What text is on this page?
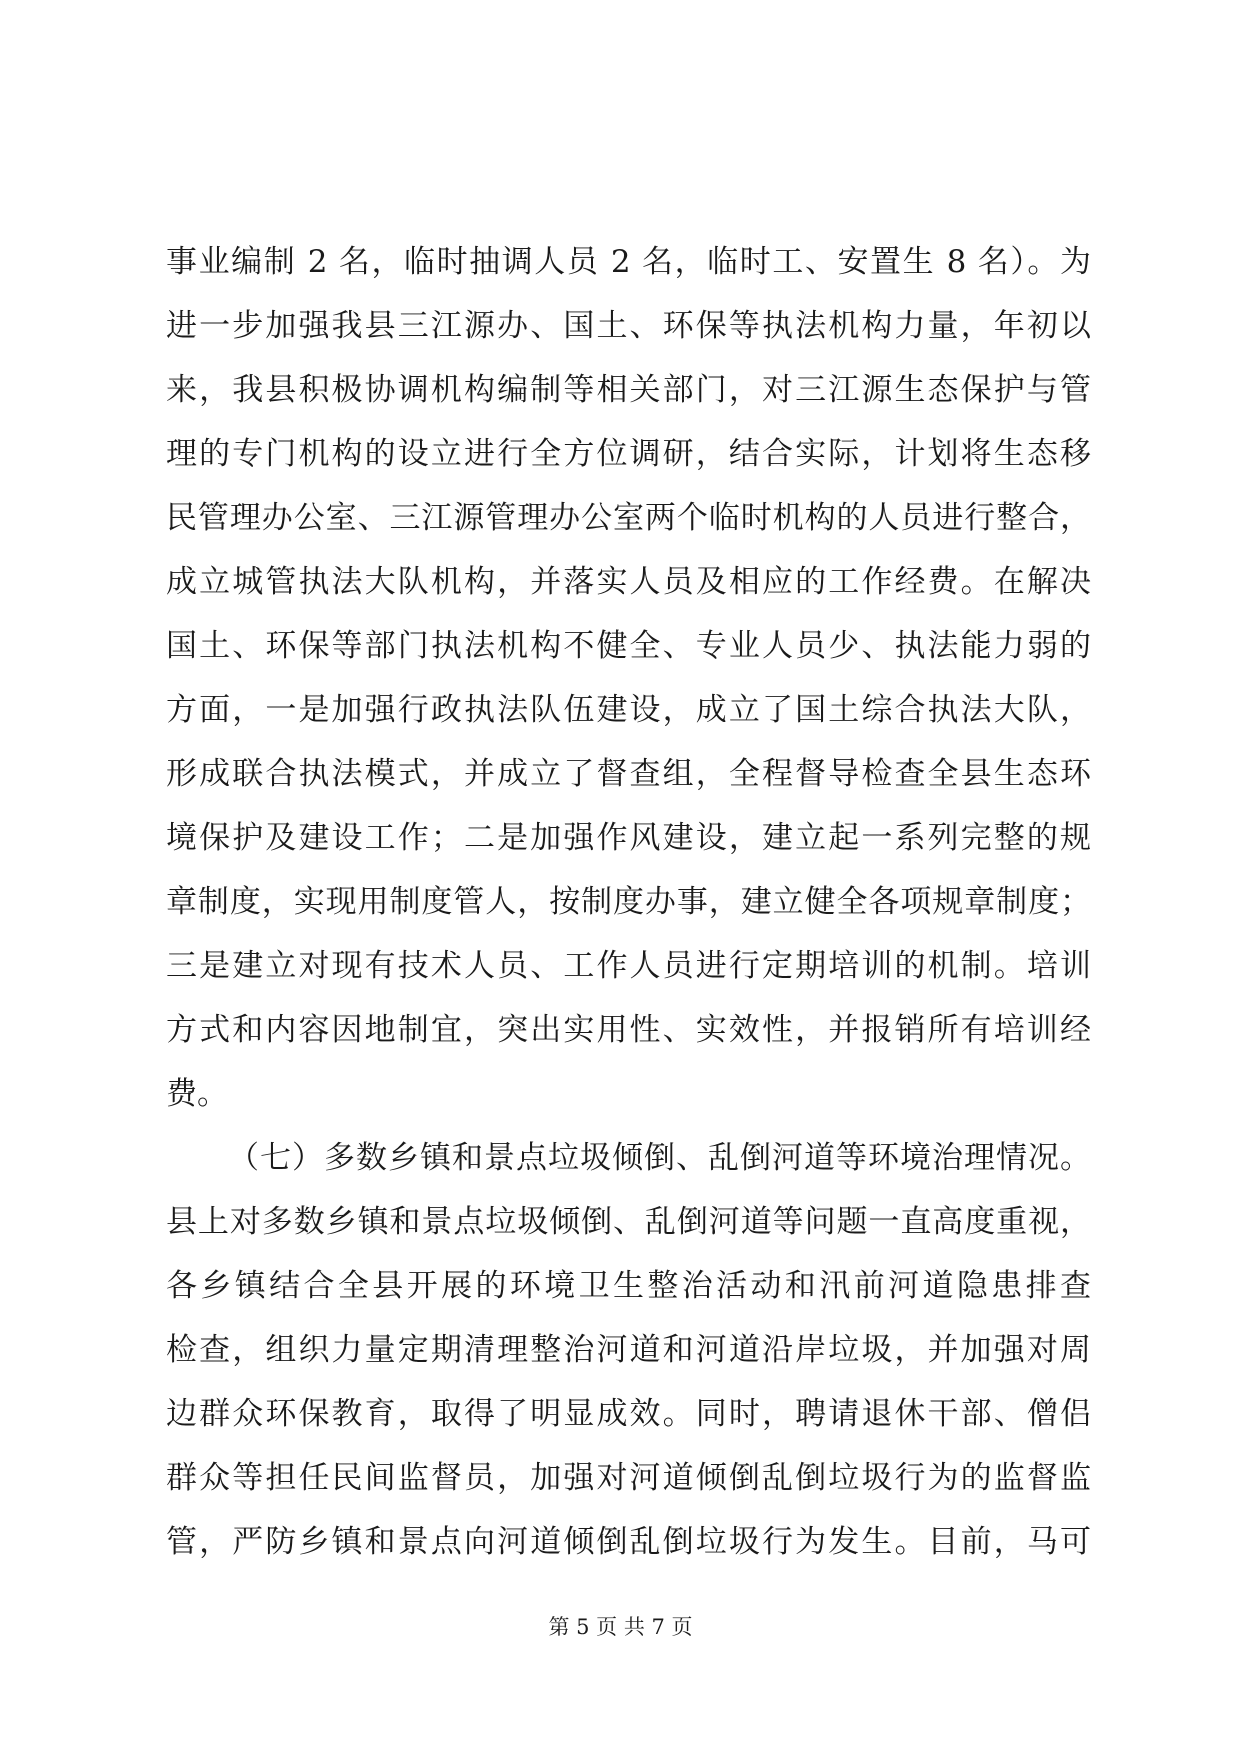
事业编制 2 名，临时抽调人员 2 名，临时工、安置生 8 名）。为
进一步加强我县三江源办、国土、环保等执法机构力量，年初以
来，我县积极协调机构编制等相关部门，对三江源生态保护与管
理的专门机构的设立进行全方位调研，结合实际，计划将生态移
民管理办公室、三江源管理办公室两个临时机构的人员进行整合，
成立城管执法大队机构，并落实人员及相应的工作经费。在解决
国土、环保等部门执法机构不健全、专业人员少、执法能力弱的
方面，一是加强行政执法队伍建设，成立了国土综合执法大队，
形成联合执法模式，并成立了督查组，全程督导检查全县生态环
境保护及建设工作；二是加强作风建设，建立起一系列完整的规
章制度，实现用制度管人，按制度办事，建立健全各项规章制度；
三是建立对现有技术人员、工作人员进行定期培训的机制。培训
方式和内容因地制宜，突出实用性、实效性，并报销所有培训经
费。
（七）多数乡镇和景点垃圾倾倒、乱倒河道等环境治理情况。
县上对多数乡镇和景点垃圾倾倒、乱倒河道等问题一直高度重视，
各乡镇结合全县开展的环境卫生整治活动和汛前河道隐患排查
检查，组织力量定期清理整治河道和河道沿岸垃圾，并加强对周
边群众环保教育，取得了明显成效。同时，聘请退休干部、僧侣
群众等担任民间监督员，加强对河道倾倒乱倒垃圾行为的监督监
管，严防乡镇和景点向河道倾倒乱倒垃圾行为发生。目前，马可
第 5 页 共 7 页
